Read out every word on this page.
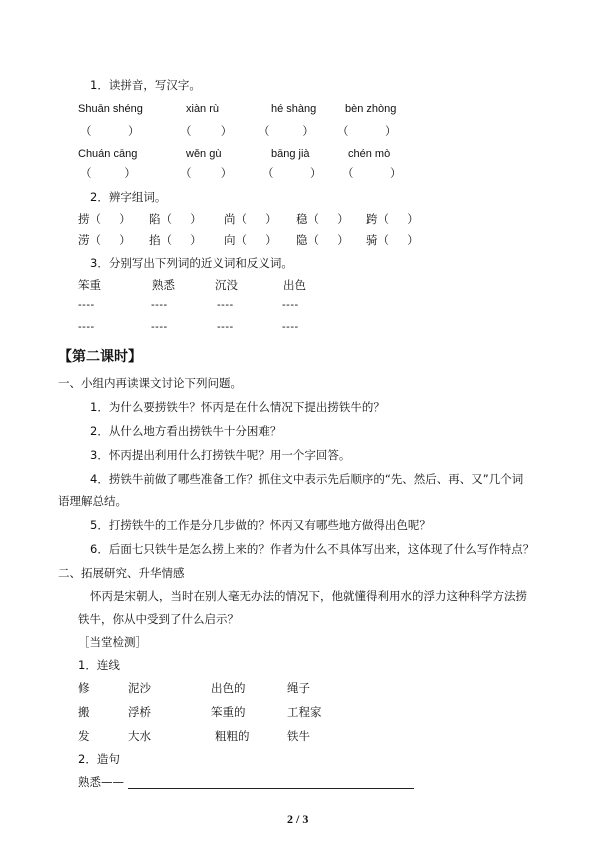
1．读拼音，写汉字。
Shuān shéng	xiàn rù	hé shàng	bèn zhòng
（          ）	（        ） （         ） （          ）
Chuán cāng	wěn gù	bāng jià	chén mò
（         ）	（        ）	（          ） （          ）
2．辨字组词。
捞（     ） 陷（     ） 尚（     ） 稳（     ） 跨（     ）
涝（     ） 掐（     ） 向（     ） 隐（     ） 骑（     ）
3．分别写出下列词的近义词和反义词。
笨重	熟悉	沉没	出色
----	----	----	----
----	----	----	----
【第二课时】
一、小组内再读课文讨论下列问题。
1．为什么要捞铁牛？怀丙是在什么情况下提出捞铁牛的？
2．从什么地方看出捞铁牛十分困难？
3．怀丙提出利用什么打捞铁牛呢？用一个字回答。
4．捞铁牛前做了哪些准备工作？抓住文中表示先后顺序的“先、然后、再、又”几个词
语理解总结。
5．打捞铁牛的工作是分几步做的？怀丙又有哪些地方做得出色呢？
6．后面七只铁牛是怎么捞上来的？作者为什么不具体写出来，这体现了什么写作特点？
二、拓展研究、升华情感
怀丙是宋朝人，当时在别人毫无办法的情况下，他就懂得利用水的浮力这种科学方法捞
铁牛，你从中受到了什么启示？
［当堂检测］
1．连线
修	泥沙	出色的	绳子
搬	浮桥	笨重的	工程家
发	大水	粗粗的	铁牛
2．造句
熟悉——
2 / 3
